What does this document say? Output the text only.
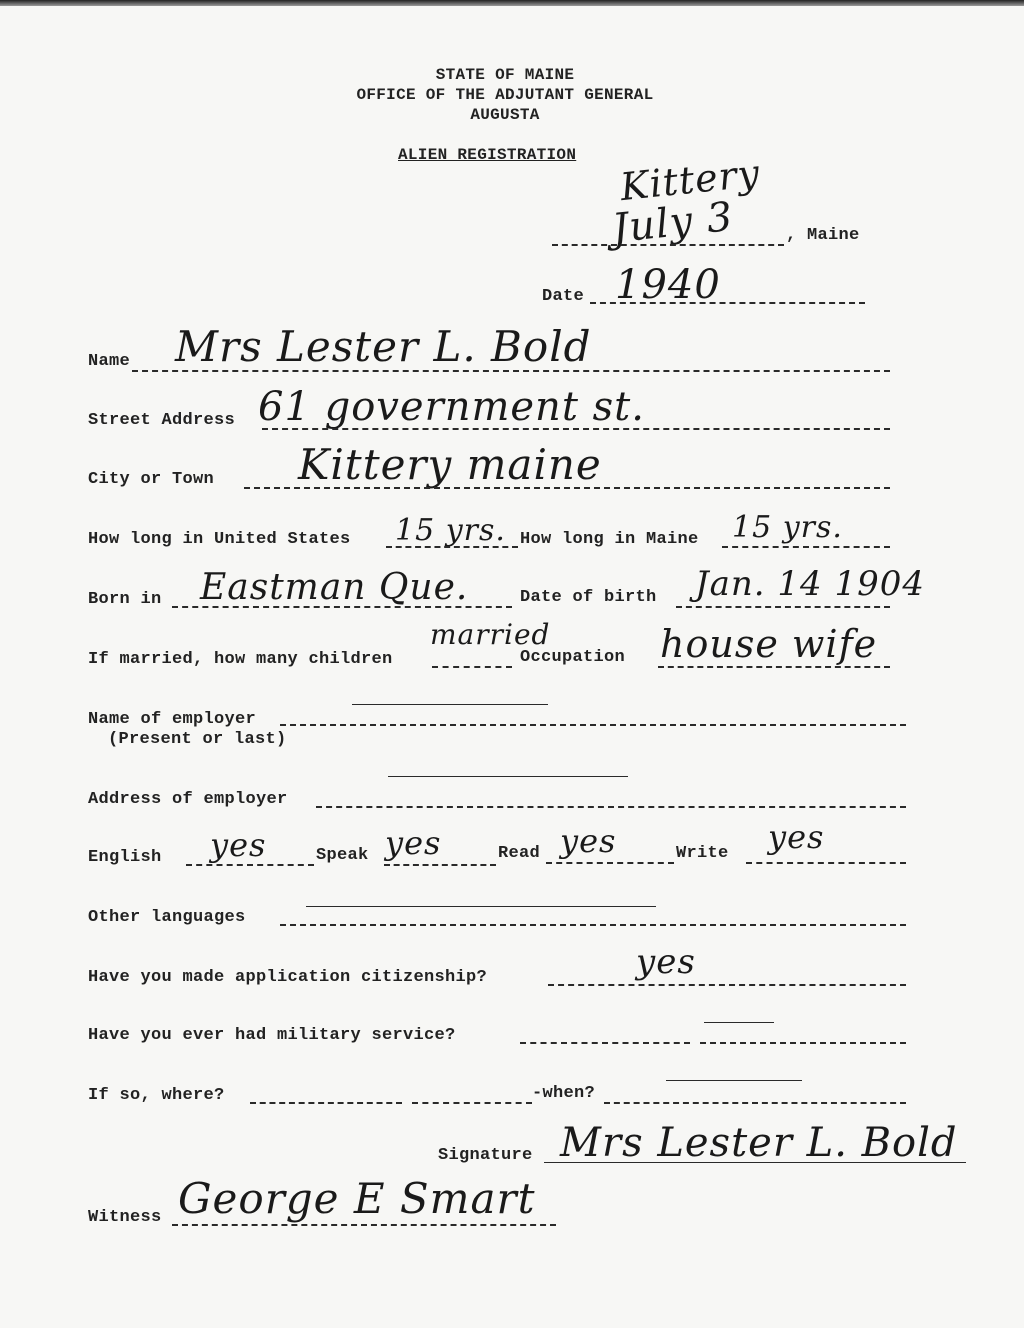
STATE OF MAINE
OFFICE OF THE ADJUTANT GENERAL
AUGUSTA
ALIEN REGISTRATION Kittery
July 3	, Maine
Date 1940
Name Mrs Lester L. Bold
Street Address 61 government st.
City or Town Kittery maine
How long in United States 15 yrs. How long in Maine 15 yrs.
Born in Eastman Que.	Date of birth Jan. 14 1904
If married, how many children
married
Occupation house wife
Name of employer
(Present or last)
Address of employer
English yes	Speak yes	Read yes	Write yes
Other languages
Have you made application citizenship?	yes
Have you ever had military service?
If so, where?	-when?
Signature Mrs Lester L. Bold
Witness George E Smart
